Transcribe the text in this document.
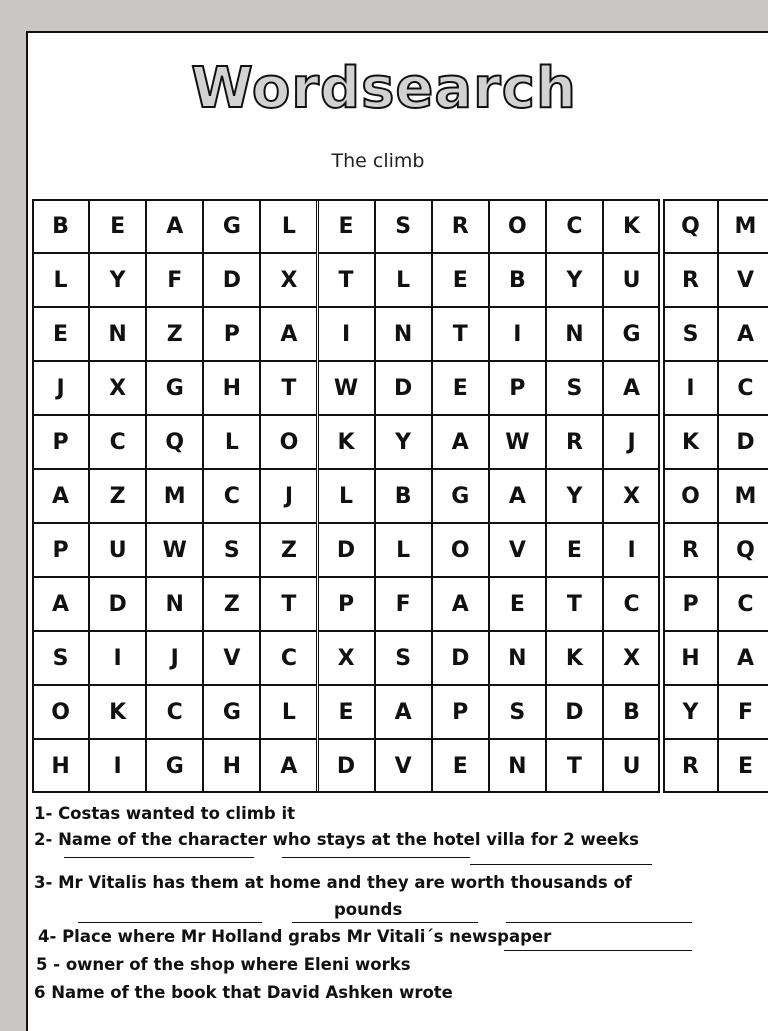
Wordsearch
The climb
B	E	A	G	L	E	S	R	O	C	K	Q	M
L	Y	F	D	X	T	L	E	B	Y	U	R	V
E	N	Z	P	A	I	N	T	I	N	G	S	A
J	X	G	H	T	W	D	E	P	S	A	I	C
P	C	Q	L	O	K	Y	A	W	R	J	K	D
A	Z	M	C	J	L	B	G	A	Y	X	O	M
P	U	W	S	Z	D	L	O	V	E	I	R	Q
A	D	N	Z	T	P	F	A	E	T	C	P	C
S	I	J	V	C	X	S	D	N	K	X	H	A
O	K	C	G	L	E	A	P	S	D	B	Y	F
H	I	G	H	A	D	V	E	N	T	U	R	E
1- Costas wanted to climb it
2- Name of the character who stays at the hotel villa for 2 weeks
3- Mr Vitalis has them at home and they are worth thousands of
pounds
4- Place where Mr Holland grabs Mr Vitali´s newspaper
5 - owner of the shop where Eleni works
6 Name of the book that David Ashken wrote
